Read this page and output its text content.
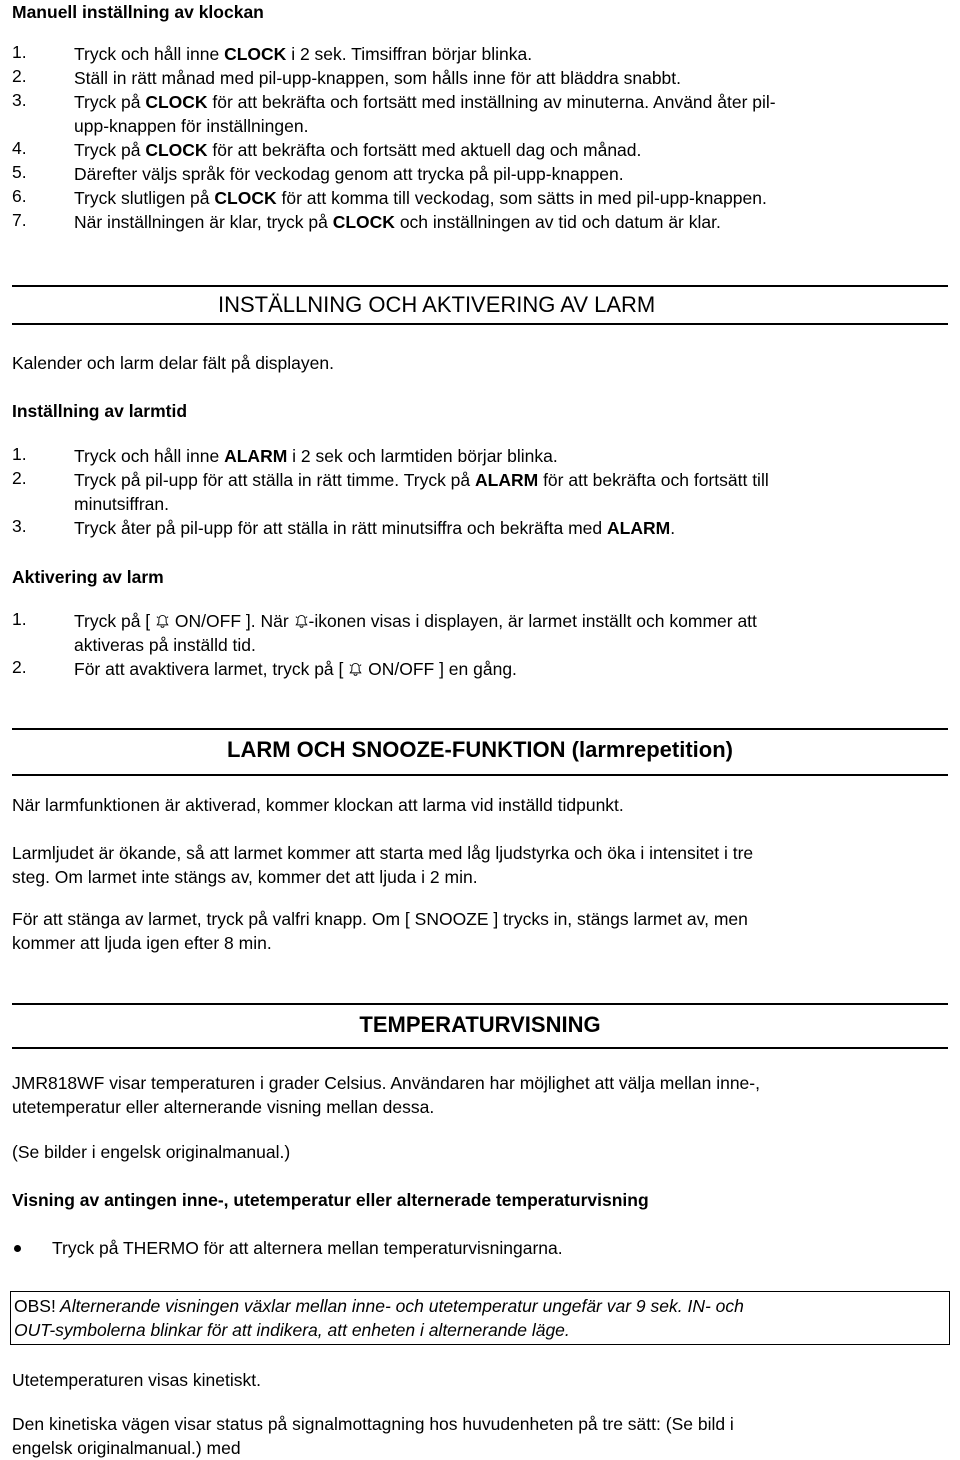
Manuell inställning av klockan
1.	Tryck och håll inne CLOCK i 2 sek. Timsiffran börjar blinka.
2.	Ställ in rätt månad med pil-upp-knappen, som hålls inne för att bläddra snabbt.
3.	Tryck på CLOCK för att bekräfta och fortsätt med inställning av minuterna. Använd åter pil-
upp-knappen för inställningen.
4.	Tryck på CLOCK för att bekräfta och fortsätt med aktuell dag och månad.
5.	Därefter väljs språk för veckodag genom att trycka på pil-upp-knappen.
6.	Tryck slutligen på CLOCK för att komma till veckodag, som sätts in med pil-upp-knappen.
7.	När inställningen är klar, tryck på CLOCK och inställningen av tid och datum är klar.
INSTÄLLNING OCH AKTIVERING AV LARM
Kalender och larm delar fält på displayen.
Inställning av larmtid
1.	Tryck och håll inne ALARM i 2 sek och larmtiden börjar blinka.
2.	Tryck på pil-upp för att ställa in rätt timme. Tryck på ALARM för att bekräfta och fortsätt till
minutsiffran.
3.	Tryck åter på pil-upp för att ställa in rätt minutsiffra och bekräfta med ALARM.
Aktivering av larm
1.	Tryck på [  ON/OFF ]. När -ikonen visas i displayen, är larmet inställt och kommer att
aktiveras på inställd tid.
2.	För att avaktivera larmet, tryck på [  ON/OFF ] en gång.
LARM OCH SNOOZE-FUNKTION (larmrepetition)
När larmfunktionen är aktiverad, kommer klockan att larma vid inställd tidpunkt.
Larmljudet är ökande, så att larmet kommer att starta med låg ljudstyrka och öka i intensitet i tre
steg. Om larmet inte stängs av, kommer det att ljuda i 2 min.
För att stänga av larmet, tryck på valfri knapp. Om [ SNOOZE ] trycks in, stängs larmet av, men
kommer att ljuda igen efter 8 min.
TEMPERATURVISNING
JMR818WF visar temperaturen i grader Celsius. Användaren har möjlighet att välja mellan inne-,
utetemperatur eller alternerande visning mellan dessa.
(Se bilder i engelsk originalmanual.)
Visning av antingen inne-, utetemperatur eller alternerade temperaturvisning
Tryck på THERMO för att alternera mellan temperaturvisningarna.
OBS! Alternerande visningen växlar mellan inne- och utetemperatur ungefär var 9 sek. IN- och
OUT-symbolerna blinkar för att indikera, att enheten i alternerande läge.
Utetemperaturen visas kinetiskt.
Den kinetiska vägen visar status på signalmottagning hos huvudenheten på tre sätt: (Se bild i
engelsk originalmanual.) med
